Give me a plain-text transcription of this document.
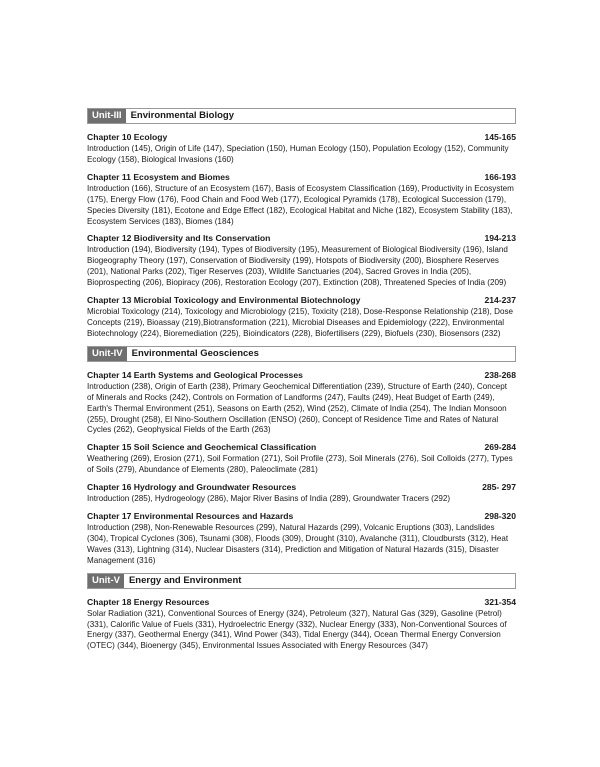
Unit-III Environmental Biology
Chapter 10 Ecology	145-165
Introduction (145), Origin of Life (147), Speciation (150), Human Ecology (150), Population Ecology (152), Community Ecology (158), Biological Invasions (160)
Chapter 11 Ecosystem and Biomes	166-193
Introduction (166), Structure of an Ecosystem (167), Basis of Ecosystem Classification (169), Productivity in Ecosystem (175), Energy Flow (176), Food Chain and Food Web (177), Ecological Pyramids (178), Ecological Succession (179), Species Diversity (181), Ecotone and Edge Effect (182), Ecological Habitat and Niche (182), Ecosystem Stability (183), Ecosystem Services (183), Biomes (184)
Chapter 12 Biodiversity and Its Conservation	194-213
Introduction (194), Biodiversity (194), Types of Biodiversity (195), Measurement of Biological Biodiversity (196), Island Biogeography Theory (197), Conservation of Biodiversity (199), Hotspots of Biodiversity (200), Biosphere Reserves (201), National Parks (202), Tiger Reserves (203), Wildlife Sanctuaries (204), Sacred Groves in India (205), Bioprospecting (206), Biopiracy (206), Restoration Ecology (207), Extinction (208), Threatened Species of India (209)
Chapter 13 Microbial Toxicology and Environmental Biotechnology	214-237
Microbial Toxicology (214), Toxicology and Microbiology (215), Toxicity (218), Dose-Response Relationship (218), Dose Concepts (219), Bioassay (219),Biotransformation (221), Microbial Diseases and Epidemiology (222), Environmental Biotechnology (224), Bioremediation (225), Bioindicators (228), Biofertilisers (229), Biofuels (230), Biosensors (232)
Unit-IV Environmental Geosciences
Chapter 14 Earth Systems and Geological Processes	238-268
Introduction (238), Origin of Earth (238), Primary Geochemical Differentiation (239), Structure of Earth (240), Concept of Minerals and Rocks (242), Controls on Formation of Landforms (247), Faults (249), Heat Budget of Earth (249), Earth's Thermal Environment (251), Seasons on Earth (252), Wind (252), Climate of India (254), The Indian Monsoon (255), Drought (258), El Nino-Southern Oscillation (ENSO) (260), Concept of Residence Time and Rates of Natural Cycles (262), Geophysical Fields of the Earth (263)
Chapter 15 Soil Science and Geochemical Classification	269-284
Weathering (269), Erosion (271), Soil Formation (271), Soil Profile (273), Soil Minerals (276), Soil Colloids (277), Types of Soils (279), Abundance of Elements (280), Paleoclimate (281)
Chapter 16 Hydrology and Groundwater Resources	285- 297
Introduction (285), Hydrogeology (286), Major River Basins of India (289), Groundwater Tracers (292)
Chapter 17 Environmental Resources and Hazards	298-320
Introduction (298), Non-Renewable Resources (299), Natural Hazards (299), Volcanic Eruptions (303), Landslides (304), Tropical Cyclones (306), Tsunami (308), Floods (309), Drought (310), Avalanche (311), Cloudbursts (312), Heat Waves (313), Lightning (314), Nuclear Disasters (314), Prediction and Mitigation of Natural Hazards (315), Disaster Management (316)
Unit-V Energy and Environment
Chapter 18 Energy Resources	321-354
Solar Radiation (321), Conventional Sources of Energy (324), Petroleum (327), Natural Gas (329), Gasoline (Petrol) (331), Calorific Value of Fuels (331), Hydroelectric Energy (332), Nuclear Energy (333), Non-Conventional Sources of Energy (337), Geothermal Energy (341), Wind Power (343), Tidal Energy (344), Ocean Thermal Energy Conversion (OTEC) (344), Bioenergy (345), Environmental Issues Associated with Energy Resources (347)
